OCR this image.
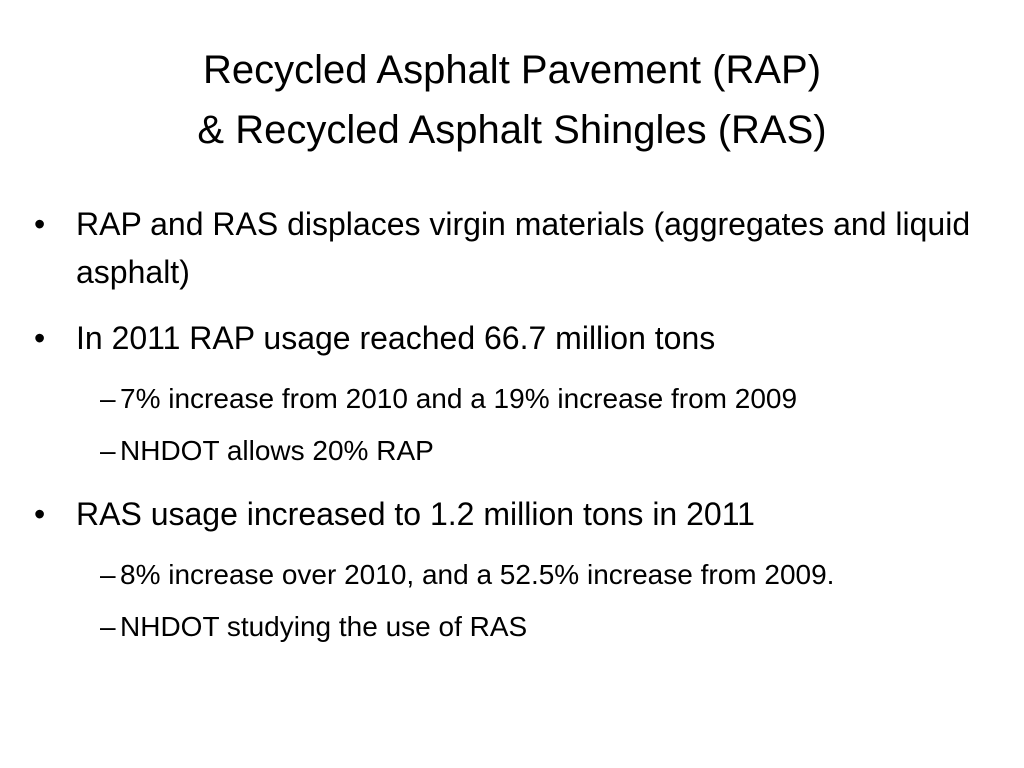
Recycled Asphalt Pavement (RAP)
& Recycled Asphalt Shingles (RAS)
• RAP and RAS displaces virgin materials (aggregates and liquid asphalt)
• In 2011 RAP usage reached 66.7 million tons
– 7% increase from 2010 and a 19% increase from 2009
– NHDOT allows 20% RAP
• RAS usage increased to 1.2 million tons in 2011
– 8% increase over 2010, and a 52.5% increase from 2009.
– NHDOT studying the use of RAS
